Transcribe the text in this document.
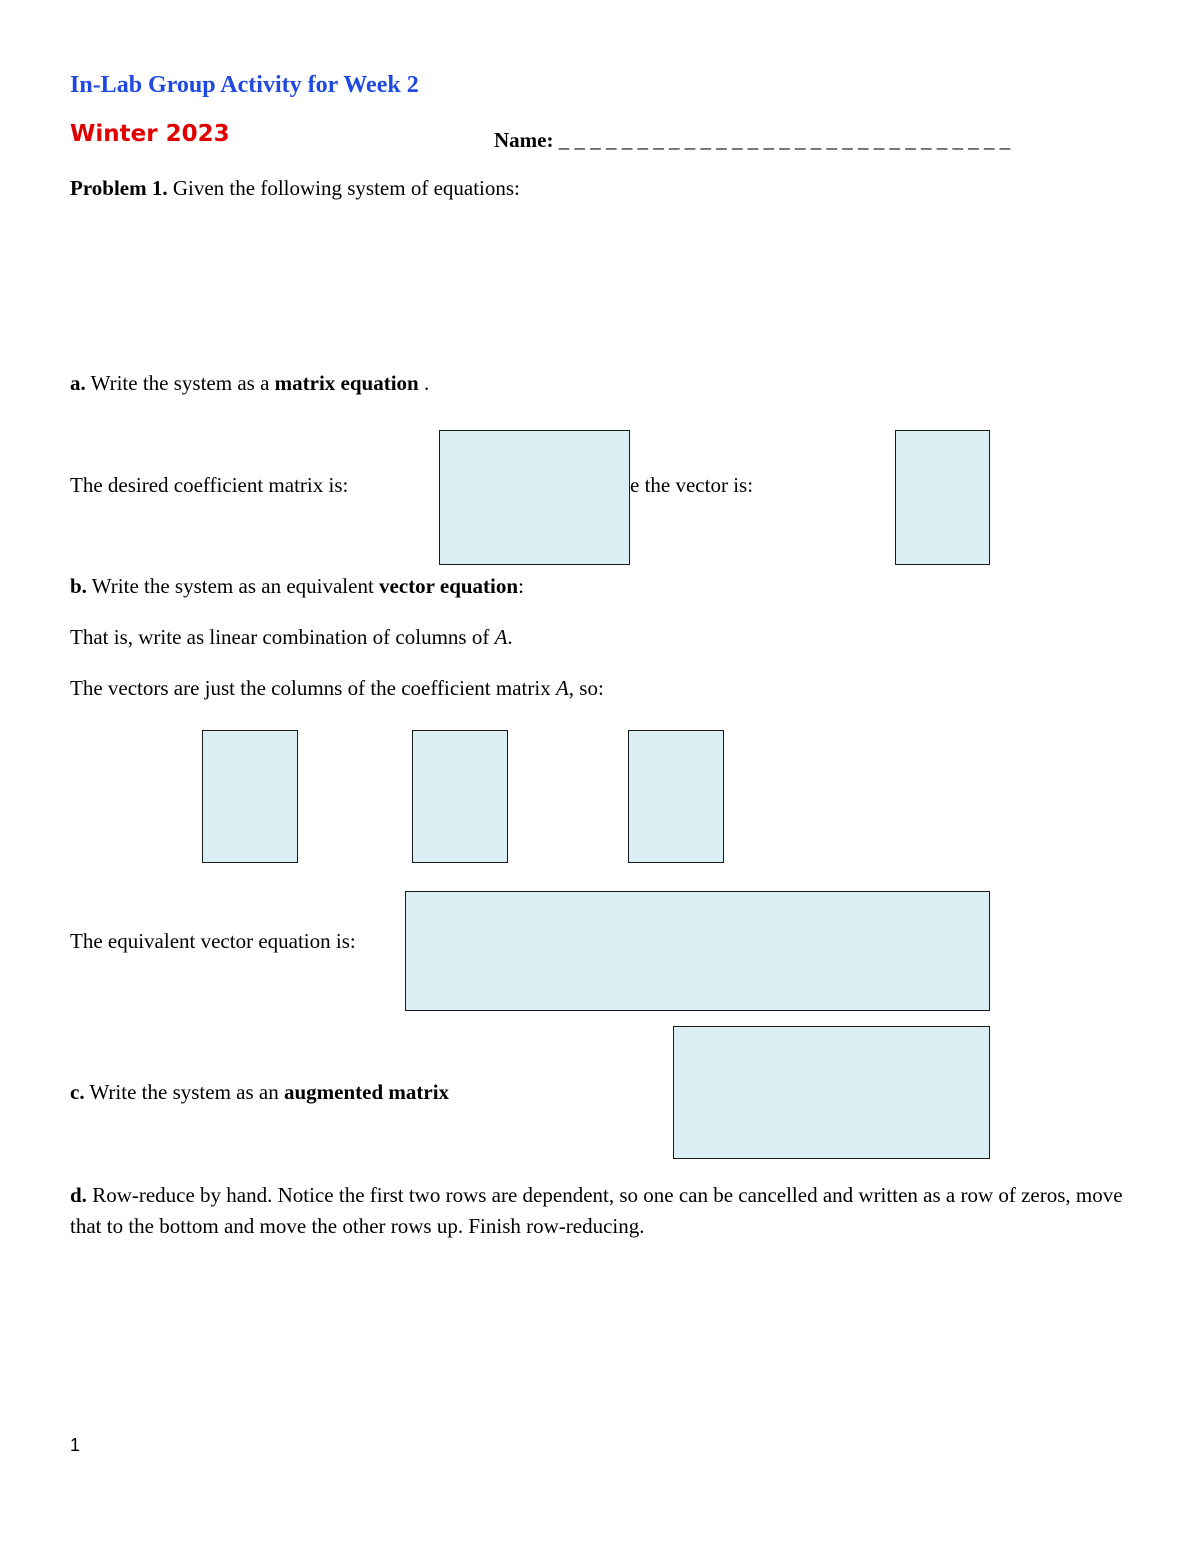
In-Lab Group Activity for Week 2
Winter 2023	Name: _ _ _ _ _ _ _ _ _ _ _ _ _ _ _ _ _ _ _ _ _ _ _ _ _ _ _ _ _
Problem 1. Given the following system of equations:
a. Write the system as a matrix equation .
The desired coefficient matrix is:	e the vector is:
b. Write the system as an equivalent vector equation:
That is, write as linear combination of columns of A.
The vectors are just the columns of the coefficient matrix A, so:
The equivalent vector equation is:
c. Write the system as an augmented matrix
d. Row-reduce by hand. Notice the first two rows are dependent, so one can be cancelled and written as a row of zeros, move that to the bottom and move the other rows up. Finish row-reducing.
1
